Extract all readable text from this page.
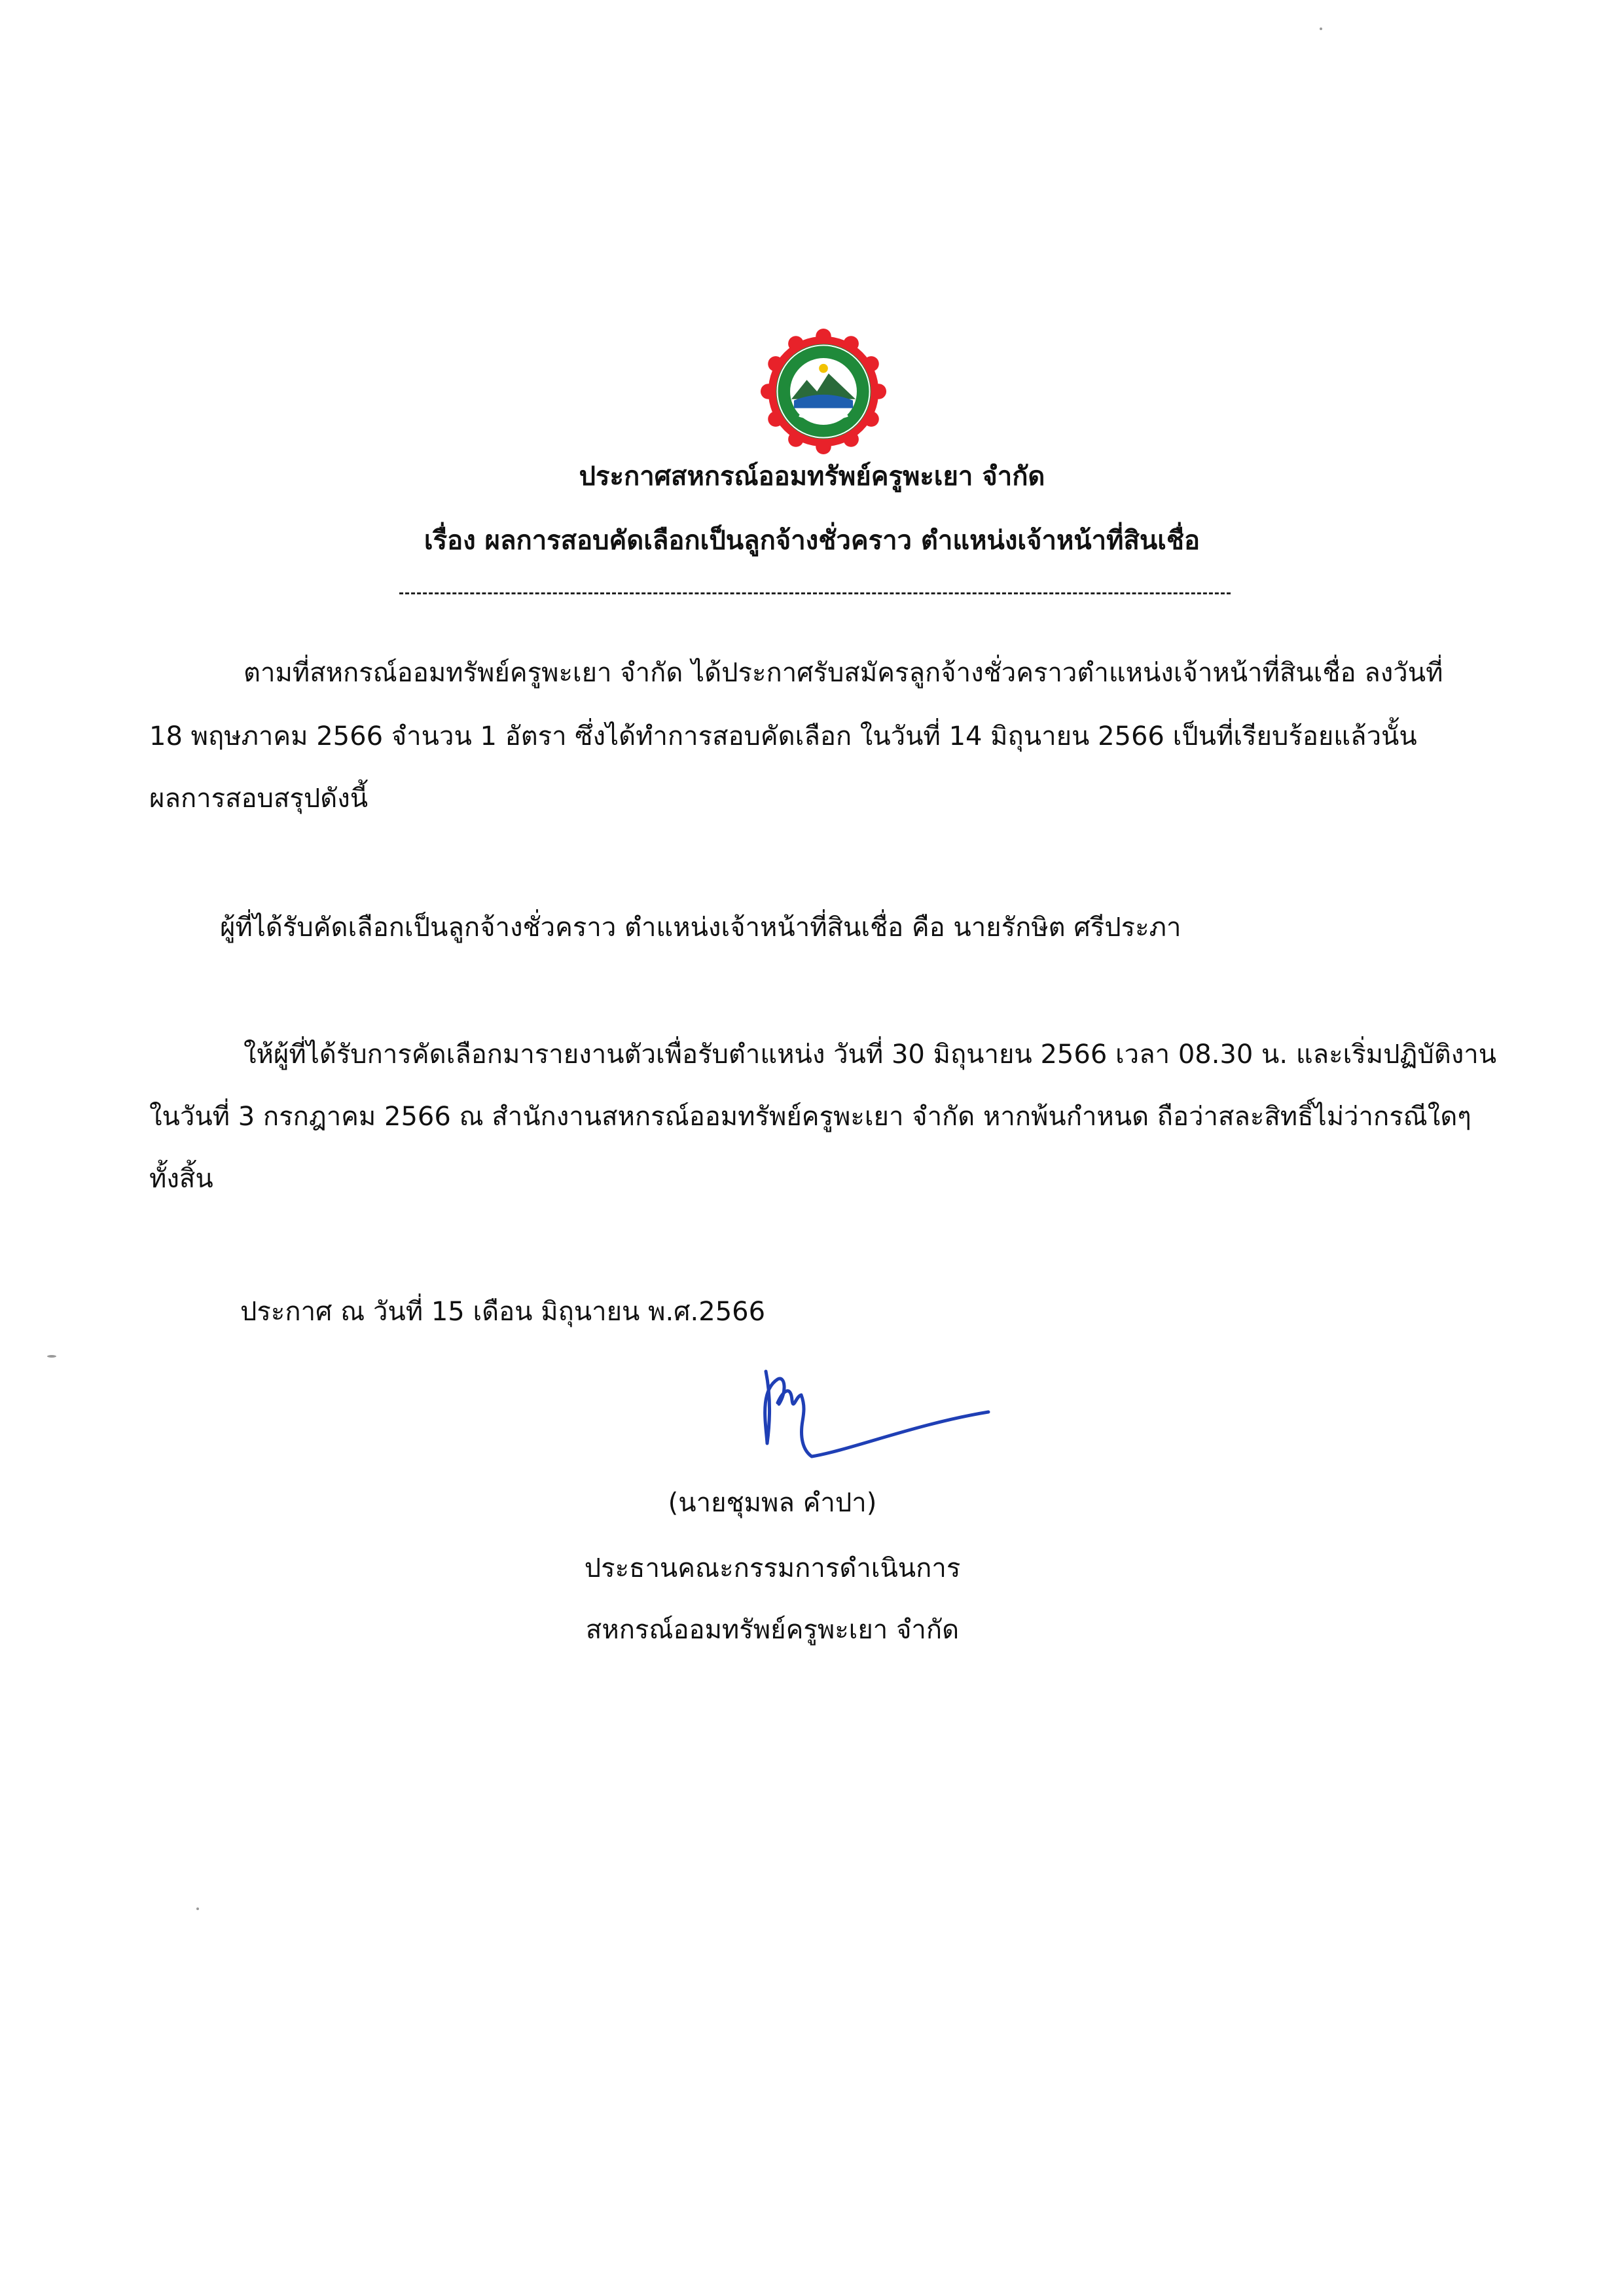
ประกาศสหกรณ์ออมทรัพย์ครูพะเยา จำกัด
เรื่อง ผลการสอบคัดเลือกเป็นลูกจ้างชั่วคราว ตำแหน่งเจ้าหน้าที่สินเชื่อ
ตามที่สหกรณ์ออมทรัพย์ครูพะเยา จำกัด ได้ประกาศรับสมัครลูกจ้างชั่วคราวตำแหน่งเจ้าหน้าที่สินเชื่อ ลงวันที่
18 พฤษภาคม 2566 จำนวน 1 อัตรา ซึ่งได้ทำการสอบคัดเลือก ในวันที่ 14 มิถุนายน 2566 เป็นที่เรียบร้อยแล้วนั้น
ผลการสอบสรุปดังนี้
ผู้ที่ได้รับคัดเลือกเป็นลูกจ้างชั่วคราว ตำแหน่งเจ้าหน้าที่สินเชื่อ คือ นายรักษิต ศรีประภา
ให้ผู้ที่ได้รับการคัดเลือกมารายงานตัวเพื่อรับตำแหน่ง วันที่ 30 มิถุนายน 2566 เวลา 08.30 น. และเริ่มปฏิบัติงาน
ในวันที่ 3 กรกฎาคม 2566 ณ สำนักงานสหกรณ์ออมทรัพย์ครูพะเยา จำกัด หากพ้นกำหนด ถือว่าสละสิทธิ์ไม่ว่ากรณีใดๆ
ทั้งสิ้น
ประกาศ ณ วันที่ 15 เดือน มิถุนายน พ.ศ.2566
(นายชุมพล คำปา)
ประธานคณะกรรมการดำเนินการ
สหกรณ์ออมทรัพย์ครูพะเยา จำกัด
